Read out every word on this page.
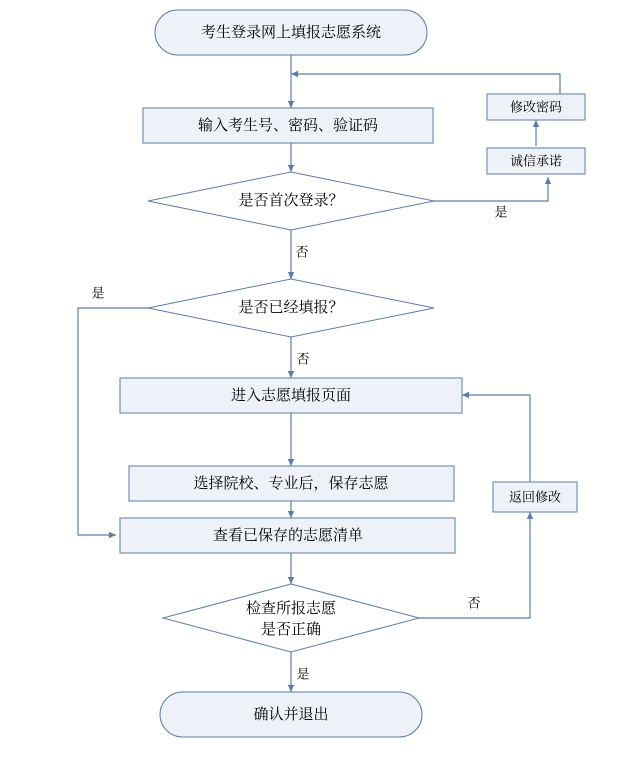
考生登录网上填报志愿系统
输入考生号、密码、验证码
修改密码
诚信承诺
是否首次登录？
是否已经填报？
进入志愿填报页面
选择院校、专业后，保存志愿
查看已保存的志愿清单
返回修改
检查所报志愿
是否正确
确认并退出
是
否
是
否
否
是
